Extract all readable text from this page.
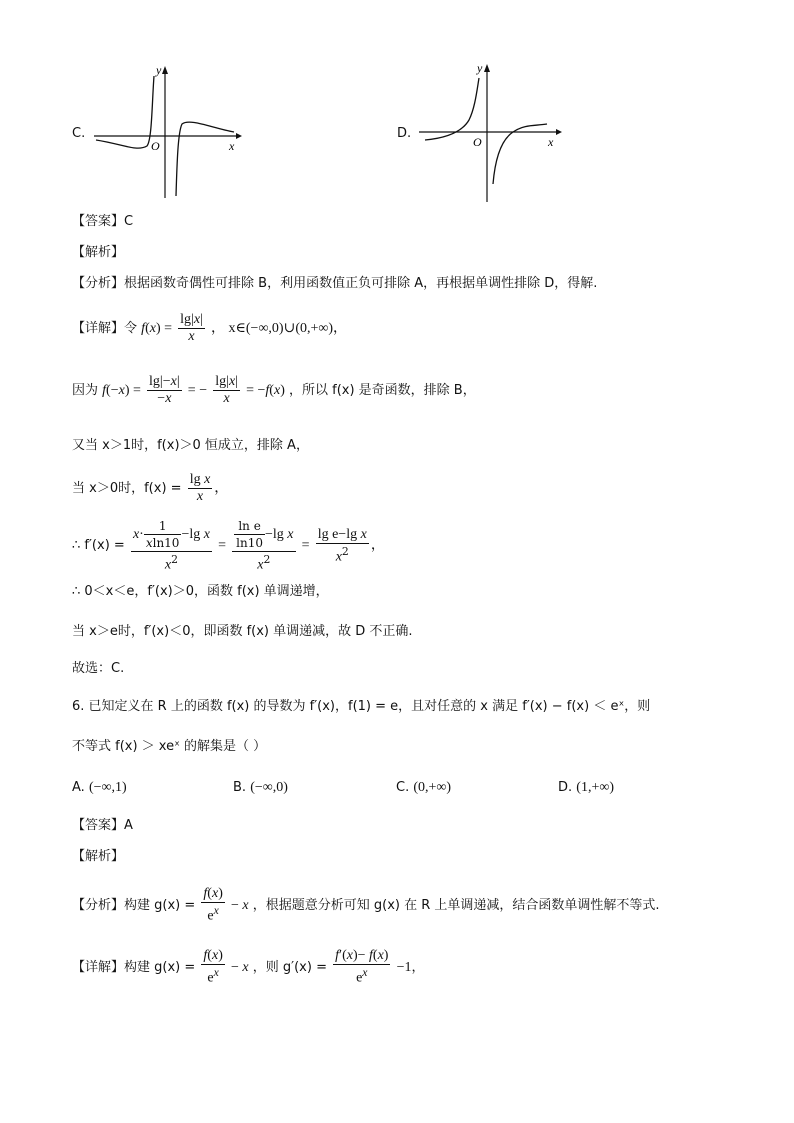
C.
y
x
O
D.
y
x
O
【答案】C
【解析】
【分析】根据函数奇偶性可排除 B，利用函数值正负可排除 A，再根据单调性排除 D，得解.
【详解】令 $f(x) = \frac{\lg|x|}{x}$ ， x∈(−∞,0)∪(0,+∞)，
因为 $f(-x) = \frac{\lg|-x|}{-x}$ = − $\frac{\lg|x|}{x} = -f(x)$ ，所以 f(x) 是奇函数，排除 B，
又当 x＞1时，f(x)＞0 恒成立，排除 A，
当 x＞0时，$f(x) = \frac{\text{lg x}}{x}$ ，
∴ $f'(x) = \frac{x\cdot \frac{1}{xln10} -\lg x}{x^2} = \frac{\frac{\text{ln e}}{\ln 10} -\lg x}{x^2} = \frac{\text{lg e−lg x}}{x^2}$ ，
∴ 0＜x＜e，f′(x)＞0，函数 f(x) 单调递增，
当 x＞e时，f′(x)＜0，即函数 f(x) 单调递减，故 D 不正确.
故选：C.
6. 已知定义在 R 上的函数 f(x) 的导数为 f′(x)，f(1) = e，且对任意的 x 满足 f′(x) − f(x) ＜ eˣ，则
不等式 f(x) ＞ xeˣ 的解集是（ ）
A. (−∞,1)	B. (−∞,0)	C. (0,+∞)	D. (1,+∞)
【答案】A
【解析】
【分析】构建 $g(x) = \frac{f(x)}{e^x} - x$ ，根据题意分析可知 g(x) 在 R 上单调递减，结合函数单调性解不等式.
【详解】构建 $g(x) = \frac{f(x)}{e^x} - x$ ，则 $g'(x) = \frac{f'(x)- f(x)}{e^x} -1$，
